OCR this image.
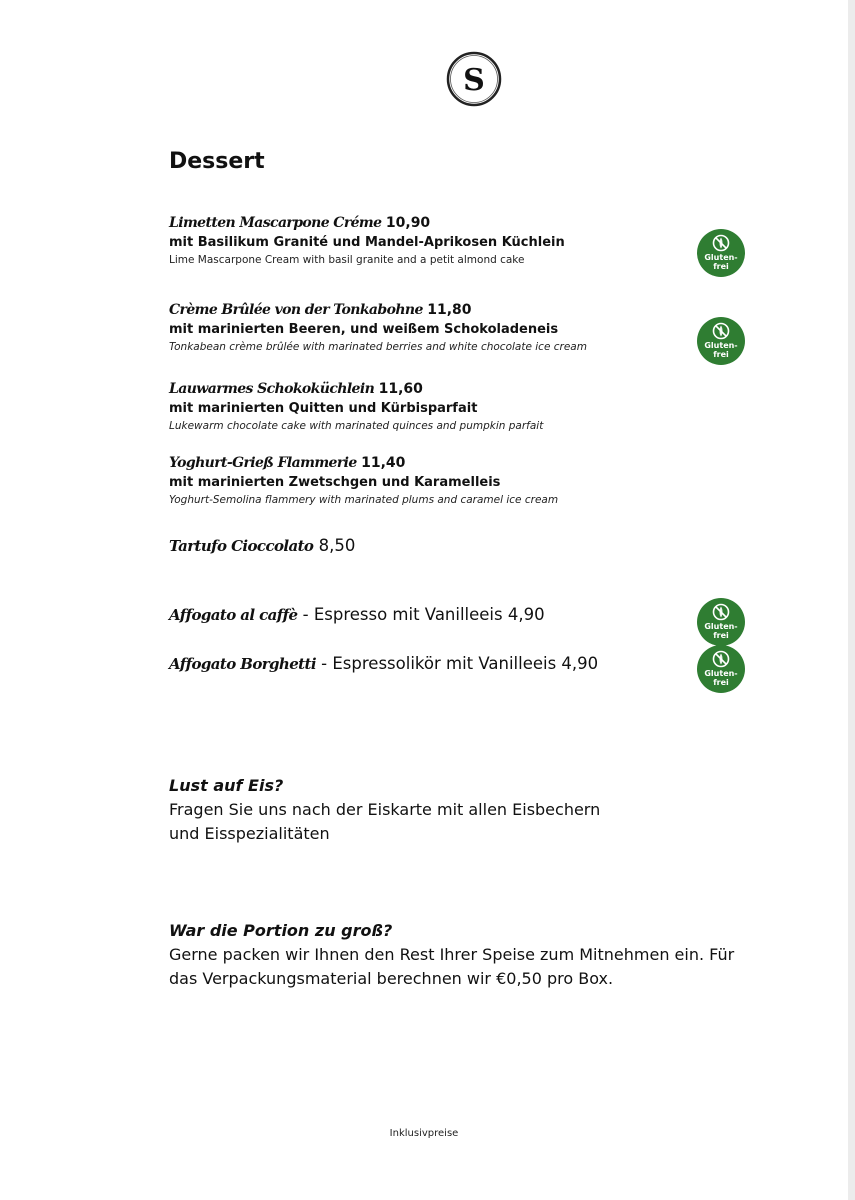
S
Dessert
Limetten Mascarpone Créme 10,90
mit Basilikum Granité und Mandel-Aprikosen Küchlein
Lime Mascarpone Cream with basil granite and a petit almond cake
Crème Brûlée von der Tonkabohne 11,80
mit marinierten Beeren, und weißem Schokoladeneis
Tonkabean crème brûlée with marinated berries and white chocolate ice cream
Lauwarmes Schokoküchlein 11,60
mit marinierten Quitten und Kürbisparfait
Lukewarm chocolate cake with marinated quinces and pumpkin parfait
Yoghurt-Grieß Flammerie 11,40
mit marinierten Zwetschgen und Karamelleis
Yoghurt-Semolina flammery with marinated plums and caramel ice cream
Tartufo Cioccolato 8,50
Affogato al caffè - Espresso mit Vanilleeis 4,90
Affogato Borghetti - Espressolikör mit Vanilleeis 4,90
Gluten-
frei
Gluten-
frei
Gluten-
frei
Gluten-
frei
Lust auf Eis?
Fragen Sie uns nach der Eiskarte mit allen Eisbechern
und Eisspezialitäten
War die Portion zu groß?
Gerne packen wir Ihnen den Rest Ihrer Speise zum Mitnehmen ein. Für
das Verpackungsmaterial berechnen wir €0,50 pro Box.
Inklusivpreise
